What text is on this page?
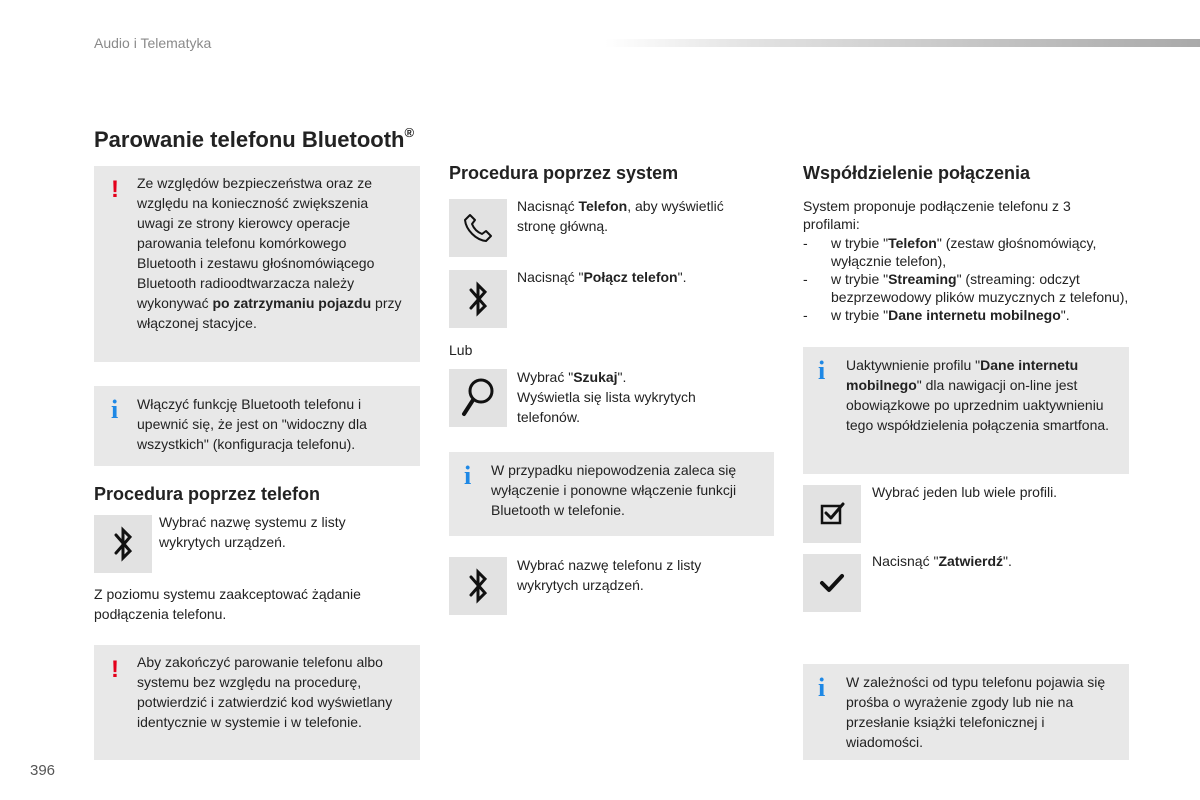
Audio i Telematyka
Parowanie telefonu Bluetooth®
! Ze względów bezpieczeństwa oraz ze względu na konieczność zwiększenia uwagi ze strony kierowcy operacje parowania telefonu komórkowego Bluetooth i zestawu głośnomówiącego Bluetooth radioodtwarzacza należy wykonywać po zatrzymaniu pojazdu przy włączonej stacyjce.
i Włączyć funkcję Bluetooth telefonu i upewnić się, że jest on "widoczny dla wszystkich" (konfiguracja telefonu).
Procedura poprzez telefon
Wybrać nazwę systemu z listy wykrytych urządzeń.
Z poziomu systemu zaakceptować żądanie podłączenia telefonu.
! Aby zakończyć parowanie telefonu albo systemu bez względu na procedurę, potwierdzić i zatwierdzić kod wyświetlany identycznie w systemie i w telefonie.
Procedura poprzez system
Nacisnąć Telefon, aby wyświetlić stronę główną.
Nacisnąć "Połącz telefon".
Lub
Wybrać "Szukaj".
Wyświetla się lista wykrytych telefonów.
i W przypadku niepowodzenia zaleca się wyłączenie i ponowne włączenie funkcji Bluetooth w telefonie.
Wybrać nazwę telefonu z listy wykrytych urządzeń.
Współdzielenie połączenia
System proponuje podłączenie telefonu z 3 profilami:
- w trybie "Telefon" (zestaw głośnomówiący, wyłącznie telefon),
- w trybie "Streaming" (streaming: odczyt bezprzewodowy plików muzycznych z telefonu),
- w trybie "Dane internetu mobilnego".
i Uaktywnienie profilu "Dane internetu mobilnego" dla nawigacji on-line jest obowiązkowe po uprzednim uaktywnieniu tego współdzielenia połączenia smartfona.
Wybrać jeden lub wiele profili.
Nacisnąć "Zatwierdź".
i W zależności od typu telefonu pojawia się prośba o wyrażenie zgody lub nie na przesłanie książki telefonicznej i wiadomości.
396
